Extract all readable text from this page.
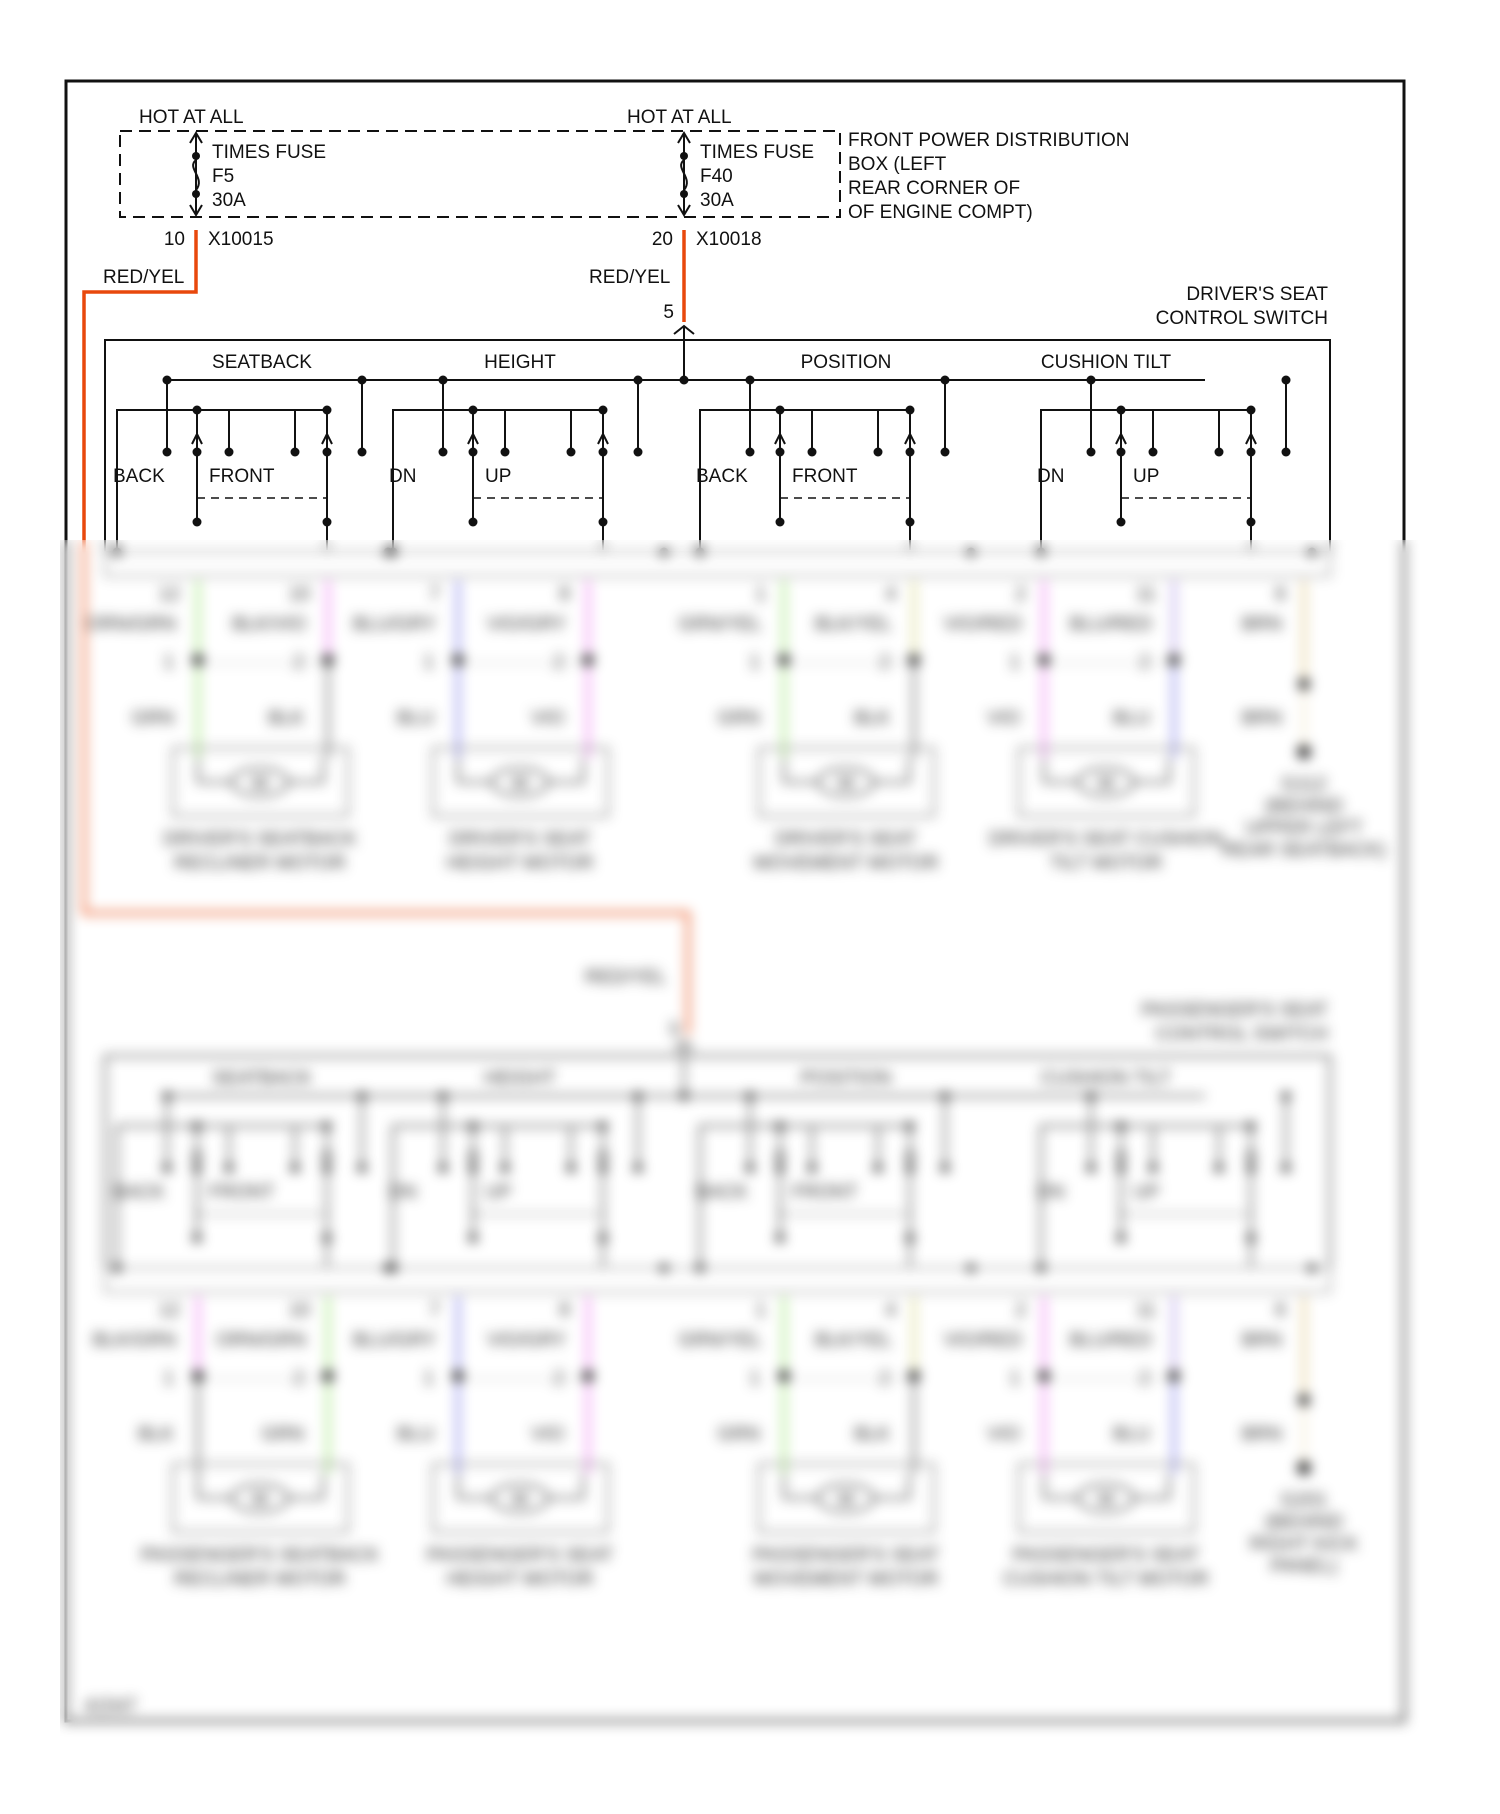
HOT AT ALL
TIMES FUSE
F5
30A
10 X10015
HOT AT ALL
TIMES FUSE
F40
30A
20 X10018
FRONT POWER DISTRIBUTION
BOX (LEFT
REAR CORNER OF
OF ENGINE COMPT)
RED/YEL	RED/YEL
5
5
RED/YEL
DRIVER'S SEAT
CONTROL SWITCH
SEATBACK	HEIGHT	POSITION	CUSHION TILT
BACK FRONT	DN	UP	BACK FRONT	DN	UP
12
ORN/GRN
1
GRN
10
BLK/VIO
2
BLK
7
BLU/GRY
1
BLU
8
VIO/GRY
2
VIO
1
GRN/YEL
1
GRN
4
BLK/YEL
2
BLK
2
VIO/RED
1
VIO
11
BLU/RED
2
BLU
6
BRN
BRN
M
DRIVER'S SEATBACK
RECLINER MOTOR
M
DRIVER'S SEAT
HEIGHT MOTOR
M
DRIVER'S SEAT
MOVEMENT MOTOR
M
DRIVER'S SEAT CUSHION
TILT MOTOR
G112
(BEHIND
UPPER LEFT
REAR SEATBACK)
PASSENGER'S SEAT
CONTROL SWITCH
SEATBACK	HEIGHT	POSITION	CUSHION TILT
BACK FRONT	DN	UP	BACK FRONT	DN	UP
12
BLK/GRN
1
BLK
10
ORN/GRN
2
GRN
7
BLU/GRY
1
BLU
8
VIO/GRY
2
VIO
1
GRN/YEL
1
GRN
4
BLK/YEL
2
BLK
2
VIO/RED
1
VIO
11
BLU/RED
2
BLU
6
BRN
BRN
M
PASSENGER'S SEATBACK
RECLINER MOTOR
M
PASSENGER'S SEAT
HEIGHT MOTOR
M
PASSENGER'S SEAT
MOVEMENT MOTOR
M
PASSENGER'S SEAT
CUSHION TILT MOTOR
G201
(BEHIND
RIGHT KICK
PANEL)
41547
